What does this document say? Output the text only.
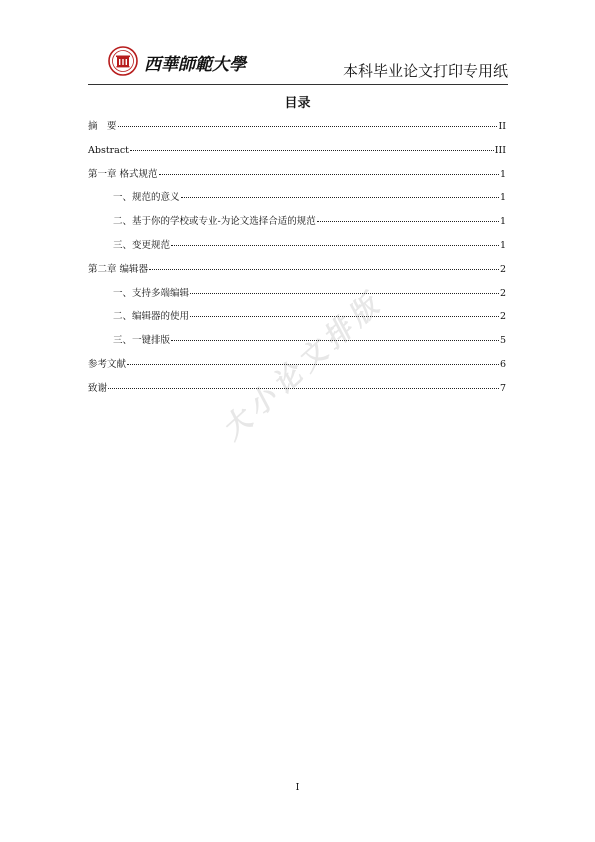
西華師範大學	本科毕业论文打印专用纸
目录
摘　要	II
Abstract	III
第一章 格式规范	1
一、规范的意义	1
二、基于你的学校或专业-为论文选择合适的规范	1
三、变更规范	1
第二章 编辑器	2
一、支持多端编辑	2
二、编辑器的使用	2
三、一键排版	5
参考文献	6
致谢	7
大小论文排版
I
